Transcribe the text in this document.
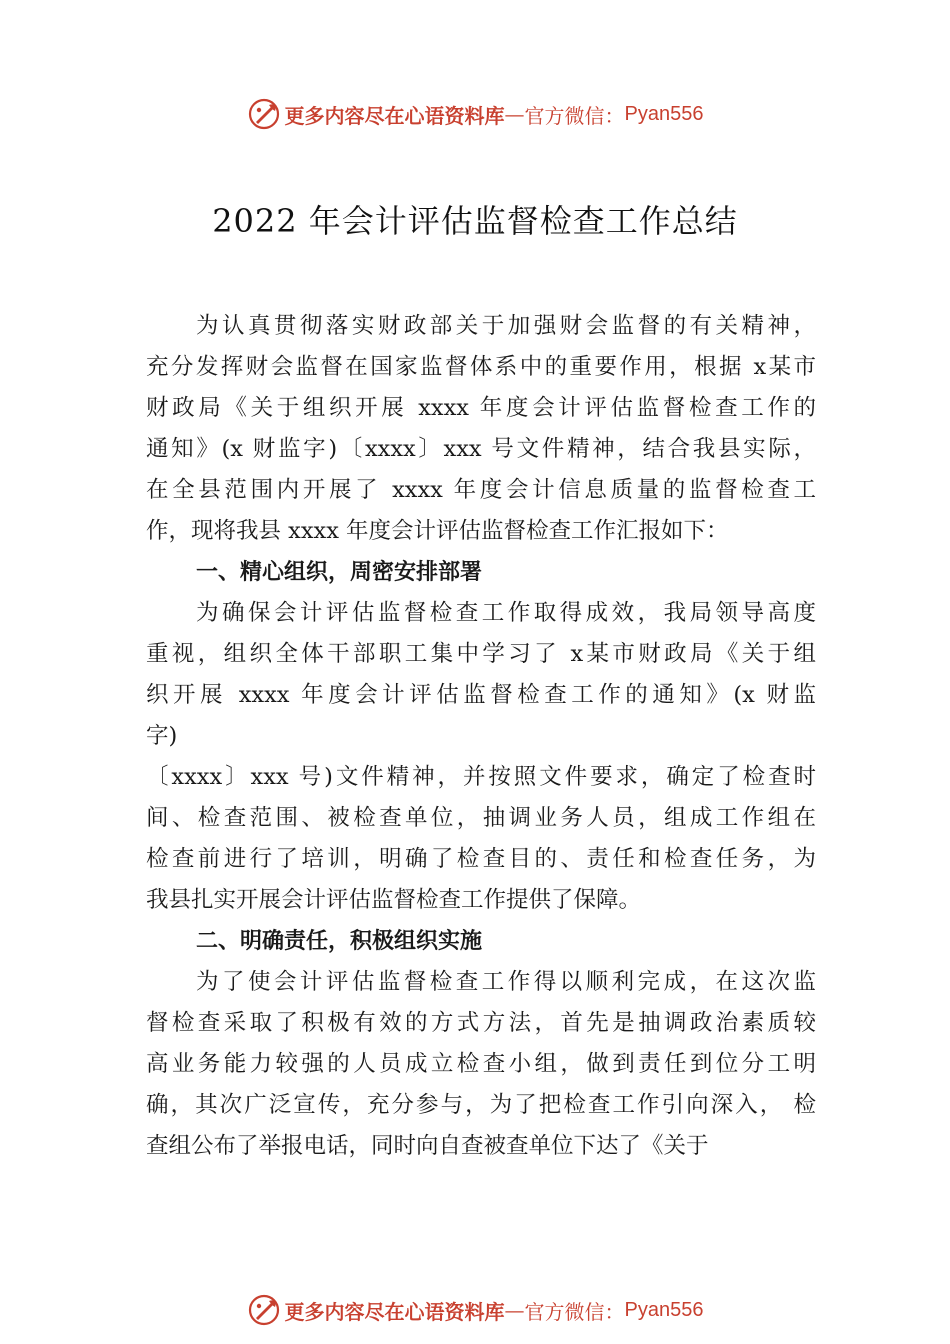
更多内容尽在心语资料库 — 官方微信： Pyan556
2022 年会计评估监督检查工作总结
为认真贯彻落实财政部关于加强财会监督的有关精神，
充分发挥财会监督在国家监督体系中的重要作用，根据 x某市
财政局《关于组织开展 xxxx 年度会计评估监督检查工作的
通知》(x 财监字)〔xxxx〕xxx 号文件精神，结合我县实际，
在全县范围内开展了 xxxx 年度会计信息质量的监督检查工
作，现将我县 xxxx 年度会计评估监督检查工作汇报如下：
一、精心组织，周密安排部署
为确保会计评估监督检查工作取得成效，我局领导高度
重视，组织全体干部职工集中学习了 x某市财政局《关于组
织开展 xxxx 年度会计评估监督检查工作的通知》(x 财监
字)
〔xxxx〕xxx 号)文件精神，并按照文件要求，确定了检查时
间、检查范围、被检查单位，抽调业务人员，组成工作组在
检查前进行了培训，明确了检查目的、责任和检查任务，为
我县扎实开展会计评估监督检查工作提供了保障。
二、明确责任，积极组织实施
为了使会计评估监督检查工作得以顺利完成，在这次监
督检查采取了积极有效的方式方法，首先是抽调政治素质较
高业务能力较强的人员成立检查小组，做到责任到位分工明
确，其次广泛宣传，充分参与，为了把检查工作引向深入， 检
查组公布了举报电话，同时向自查被查单位下达了《关于
更多内容尽在心语资料库 — 官方微信： Pyan556
